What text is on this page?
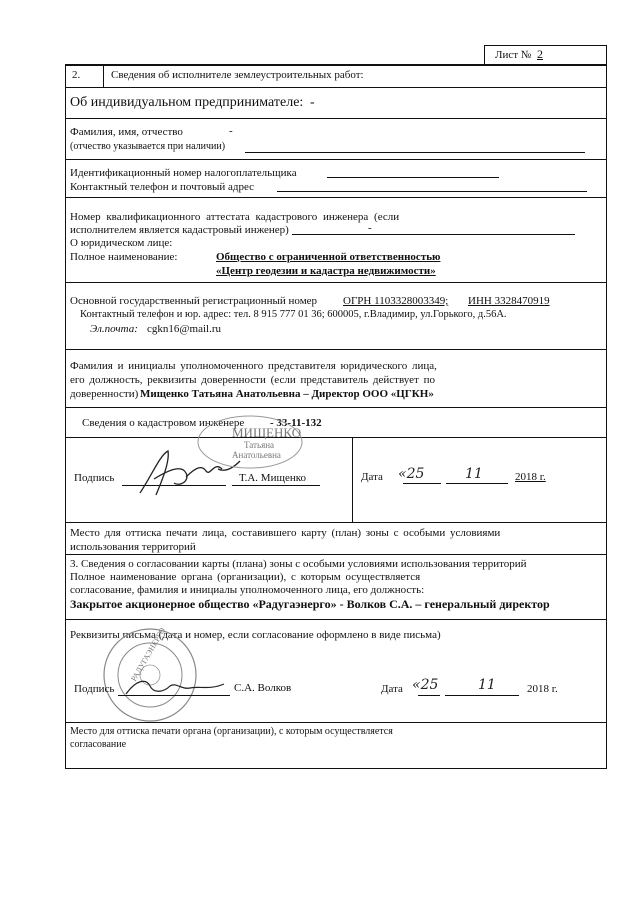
Лист № 2
2.	Сведения об исполнителе землеустроительных работ:
Об индивидуальном предпринимателе: -
Фамилия, имя, отчество	-
(отчество указывается при наличии)
Идентификационный номер налогоплательщика
Контактный телефон и почтовый адрес
Номер квалификационного аттестата кадастрового инженера (если
исполнителем является кадастровый инженер)	-
О юридическом лице:
Полное наименование:	Общество с ограниченной ответственностью
«Центр геодезии и кадастра недвижимости»
Основной государственный регистрационный номер ОГРН 1103328003349; ИНН 3328470919
Контактный телефон и юр. адрес: тел. 8 915 777 01 36; 600005, г.Владимир, ул.Горького, д.56А.
Эл.почта: cgkn16@mail.ru
Фамилия и инициалы уполномоченного представителя юридического лица,
его должность, реквизиты доверенности (если представитель действует по
доверенности) Мищенко Татьяна Анатольевна – Директор ООО «ЦГКН»
Сведения о кадастровом инженере - 33-11-132
Подпись	Т.А. Мищенко	Дата «25	11	2018 г.
МИЩЕНКО
Татьяна
Анатольевна
Место для оттиска печати лица, составившего карту (план) зоны с особыми условиями
использования территорий
3. Сведения о согласовании карты (плана) зоны с особыми условиями использования территорий
Полное наименование органа (организации), с которым осуществляется
согласование, фамилия и инициалы уполномоченного лица, его должность:
Закрытое акционерное общество «Радугаэнерго» - Волков С.А. – генеральный директор
Реквизиты письма (дата и номер, если согласование оформлено в виде письма)
РАДУГАЭНЕРГО
Подпись	С.А. Волков	Дата «25	11	2018 г.
Место для оттиска печати органа (организации), с которым осуществляется
согласование
